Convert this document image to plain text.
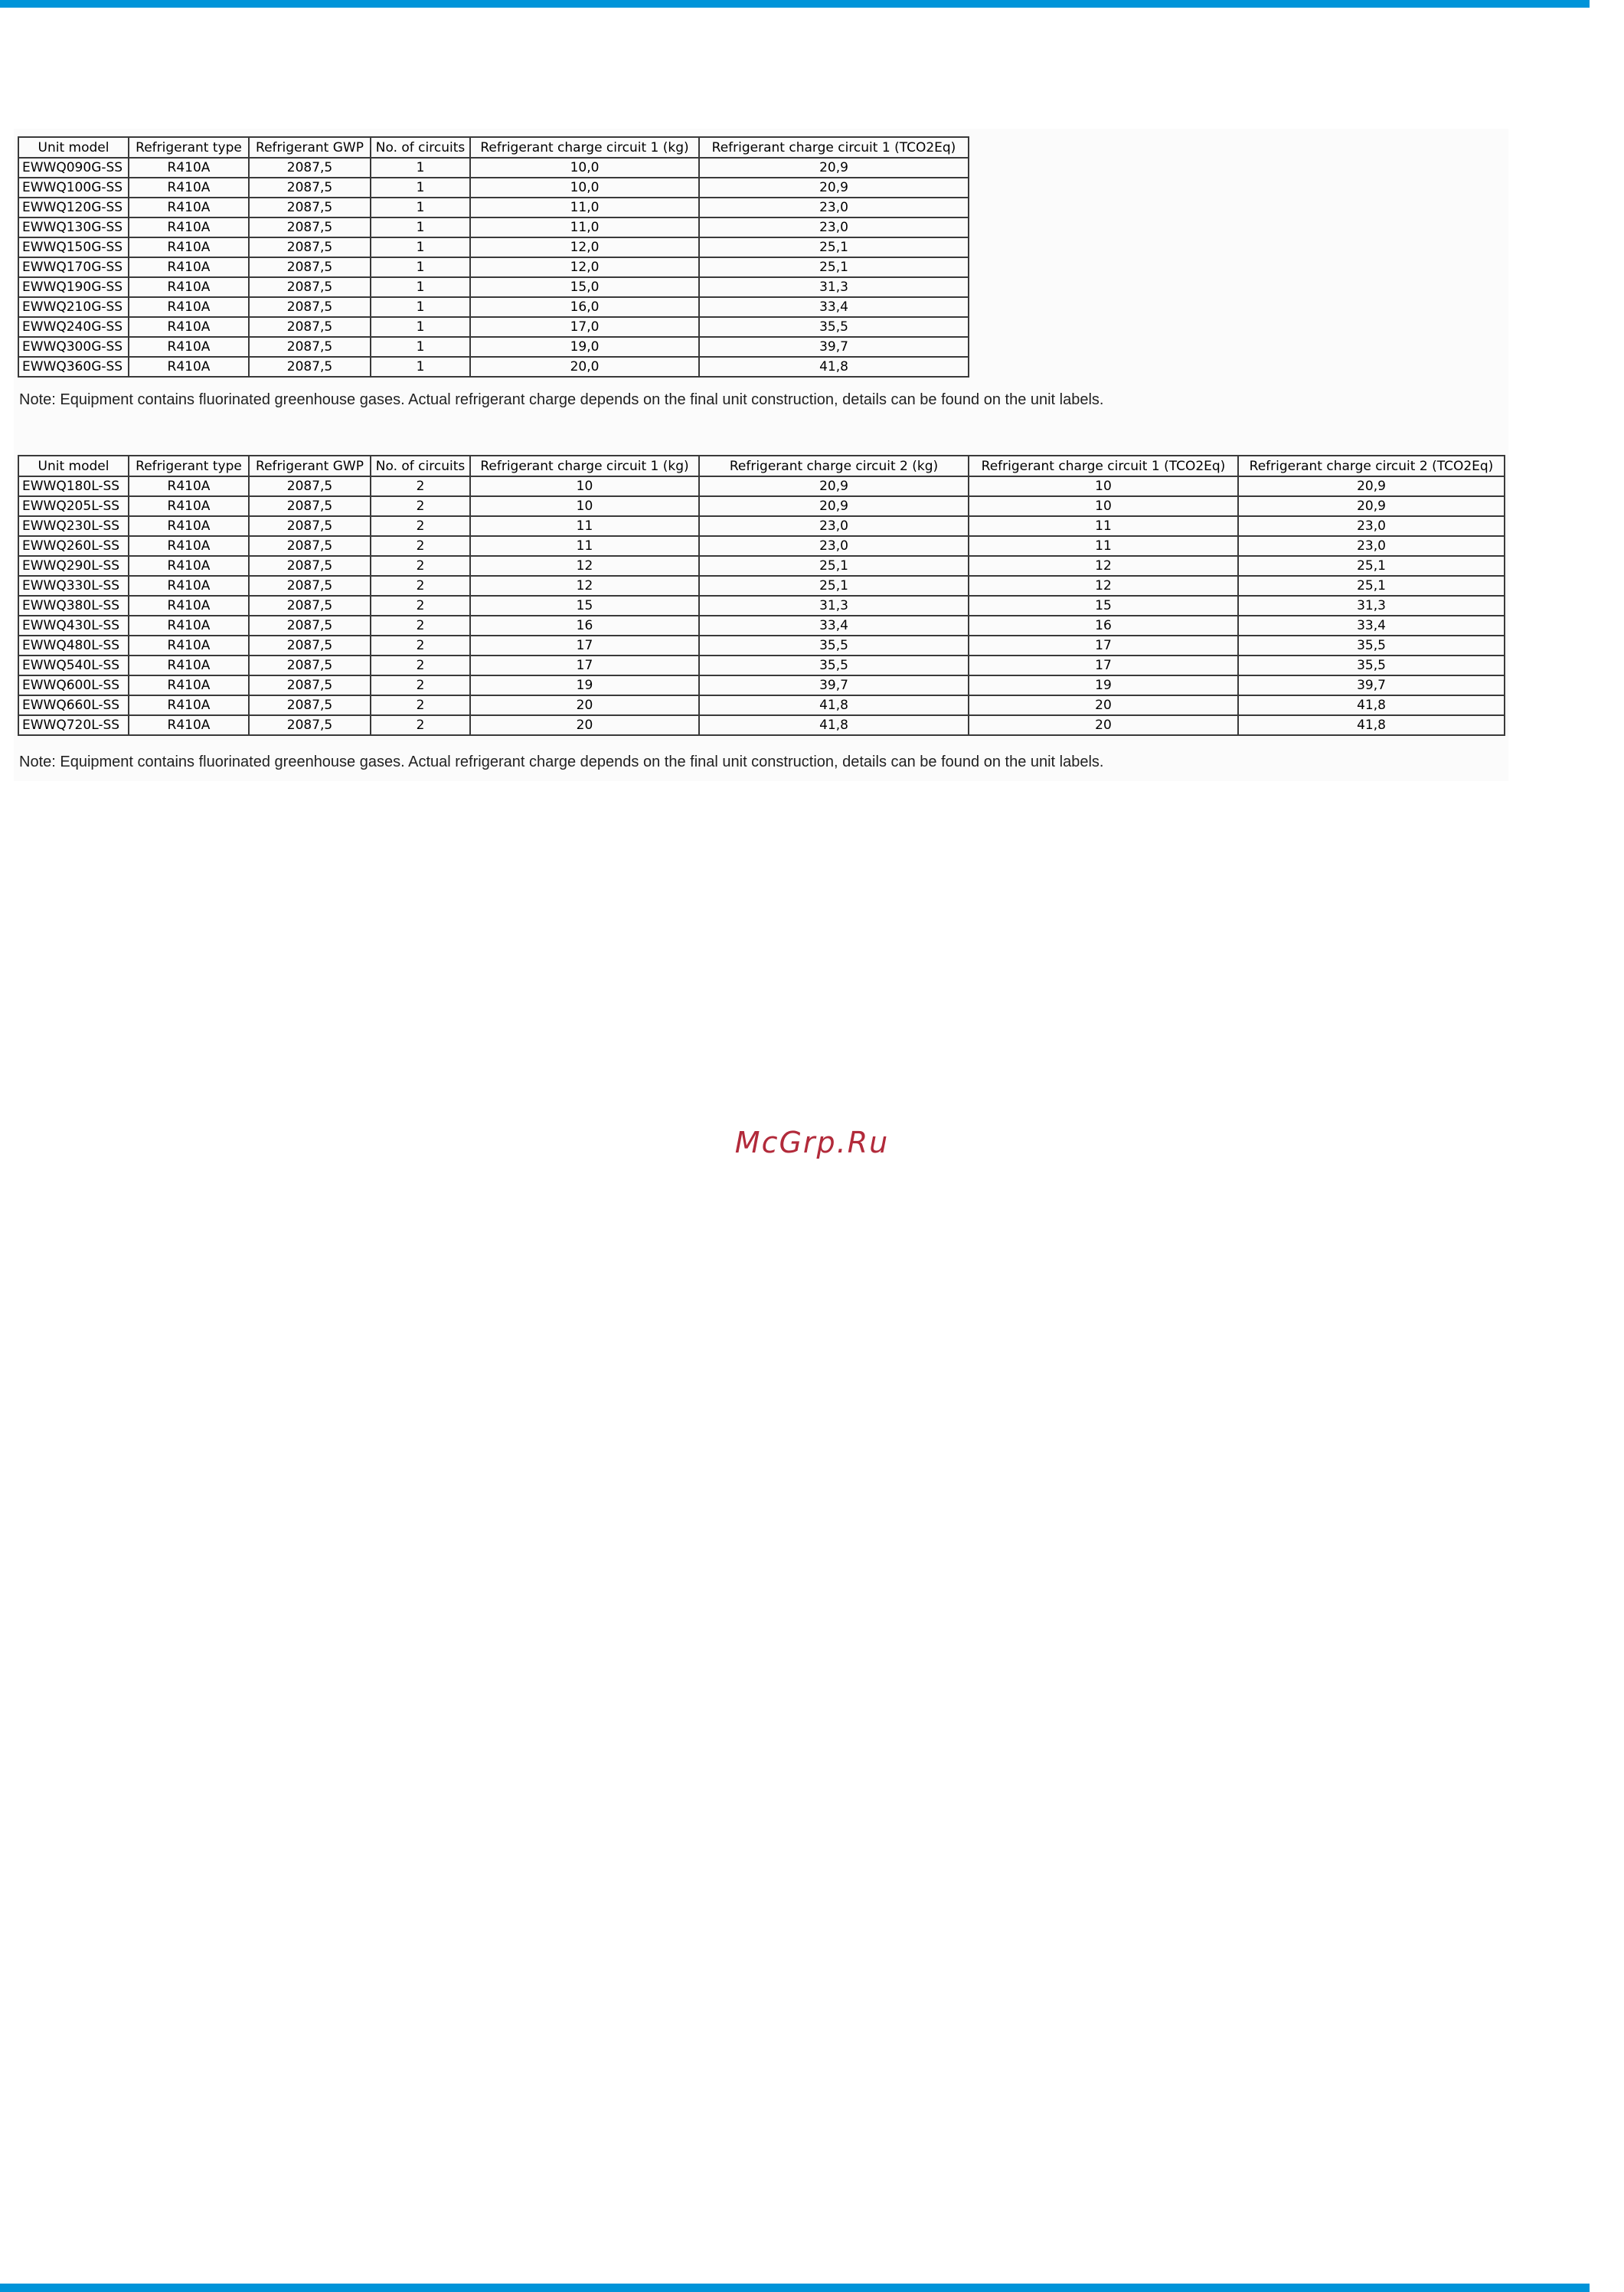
Unit model	Refrigerant type	Refrigerant GWP	No. of circuits	Refrigerant charge circuit 1 (kg)	Refrigerant charge circuit 1 (TCO2Eq)
EWWQ090G-SS	R410A	2087,5	1	10,0	20,9
EWWQ100G-SS	R410A	2087,5	1	10,0	20,9
EWWQ120G-SS	R410A	2087,5	1	11,0	23,0
EWWQ130G-SS	R410A	2087,5	1	11,0	23,0
EWWQ150G-SS	R410A	2087,5	1	12,0	25,1
EWWQ170G-SS	R410A	2087,5	1	12,0	25,1
EWWQ190G-SS	R410A	2087,5	1	15,0	31,3
EWWQ210G-SS	R410A	2087,5	1	16,0	33,4
EWWQ240G-SS	R410A	2087,5	1	17,0	35,5
EWWQ300G-SS	R410A	2087,5	1	19,0	39,7
EWWQ360G-SS	R410A	2087,5	1	20,0	41,8
Note: Equipment contains fluorinated greenhouse gases. Actual refrigerant charge depends on the final unit construction, details can be found on the unit labels.
Unit model	Refrigerant type	Refrigerant GWP	No. of circuits	Refrigerant charge circuit 1 (kg)	Refrigerant charge circuit 2 (kg)	Refrigerant charge circuit 1 (TCO2Eq)	Refrigerant charge circuit 2 (TCO2Eq)
EWWQ180L-SS	R410A	2087,5	2	10	20,9	10	20,9
EWWQ205L-SS	R410A	2087,5	2	10	20,9	10	20,9
EWWQ230L-SS	R410A	2087,5	2	11	23,0	11	23,0
EWWQ260L-SS	R410A	2087,5	2	11	23,0	11	23,0
EWWQ290L-SS	R410A	2087,5	2	12	25,1	12	25,1
EWWQ330L-SS	R410A	2087,5	2	12	25,1	12	25,1
EWWQ380L-SS	R410A	2087,5	2	15	31,3	15	31,3
EWWQ430L-SS	R410A	2087,5	2	16	33,4	16	33,4
EWWQ480L-SS	R410A	2087,5	2	17	35,5	17	35,5
EWWQ540L-SS	R410A	2087,5	2	17	35,5	17	35,5
EWWQ600L-SS	R410A	2087,5	2	19	39,7	19	39,7
EWWQ660L-SS	R410A	2087,5	2	20	41,8	20	41,8
EWWQ720L-SS	R410A	2087,5	2	20	41,8	20	41,8
Note: Equipment contains fluorinated greenhouse gases. Actual refrigerant charge depends on the final unit construction, details can be found on the unit labels.
McGrp.Ru
